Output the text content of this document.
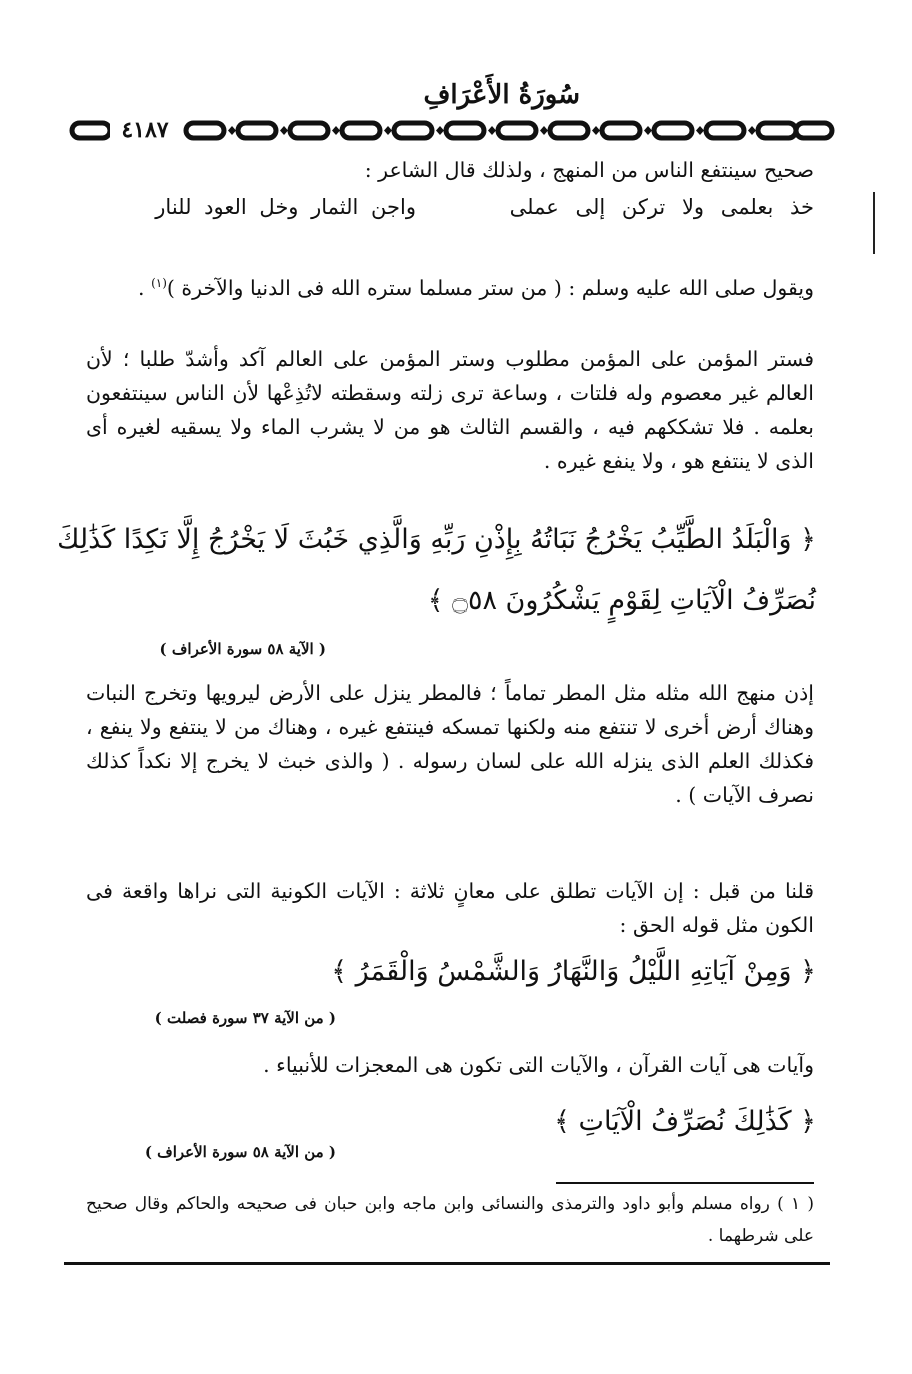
سُورَةُ الأَعْرَافِ
٤١٨٧
صحيح سينتفع الناس من المنهج ، ولذلك قال الشاعر :
خذ بعلمى ولا تركن إلى عملى
واجن الثمار وخل العود للنار
ويقول صلى الله عليه وسلم : ( من ستر مسلما ستره الله فى الدنيا والآخرة )$^{(١)}$ .
فستر المؤمن على المؤمن مطلوب وستر المؤمن على العالم آكد وأشدّ طلبا ؛ لأن العالم غير معصوم وله فلتات ، وساعة ترى زلته وسقطته لاتُذِعْها لأن الناس سينتفعون بعلمه . فلا تشككهم فيه ، والقسم الثالث هو من لا يشرب الماء ولا يسقيه لغيره أى الذى لا ينتفع هو ، ولا ينفع غيره .
﴿ وَالْبَلَدُ الطَّيِّبُ يَخْرُجُ نَبَاتُهُ بِإِذْنِ رَبِّهِ وَالَّذِي خَبُثَ لَا يَخْرُجُ إِلَّا نَكِدًا كَذَٰلِكَ
نُصَرِّفُ الْآيَاتِ لِقَوْمٍ يَشْكُرُونَ ۝٥٨ ﴾
( الآية ٥٨ سورة الأعراف )
إذن منهج الله مثله مثل المطر تماماً ؛ فالمطر ينزل على الأرض ليرويها وتخرج النبات وهناك أرض أخرى لا تنتفع منه ولكنها تمسكه فينتفع غيره ، وهناك من لا ينتفع ولا ينفع ، فكذلك العلم الذى ينزله الله على لسان رسوله . ( والذى خبث لا يخرج إلا نكداً كذلك نصرف الآيات ) .
قلنا من قبل : إن الآيات تطلق على معانٍ ثلاثة : الآيات الكونية التى نراها واقعة فى الكون مثل قوله الحق :
﴿ وَمِنْ آيَاتِهِ اللَّيْلُ وَالنَّهَارُ وَالشَّمْسُ وَالْقَمَرُ ﴾
( من الآية ٣٧ سورة فصلت )
وآيات هى آيات القرآن ، والآيات التى تكون هى المعجزات للأنبياء .
﴿ كَذَٰلِكَ نُصَرِّفُ الْآيَاتِ ﴾
( من الآية ٥٨ سورة الأعراف )
( ١ ) رواه مسلم وأبو داود والترمذى والنسائى وابن ماجه وابن حبان فى صحيحه والحاكم وقال صحيح على شرطهما .
